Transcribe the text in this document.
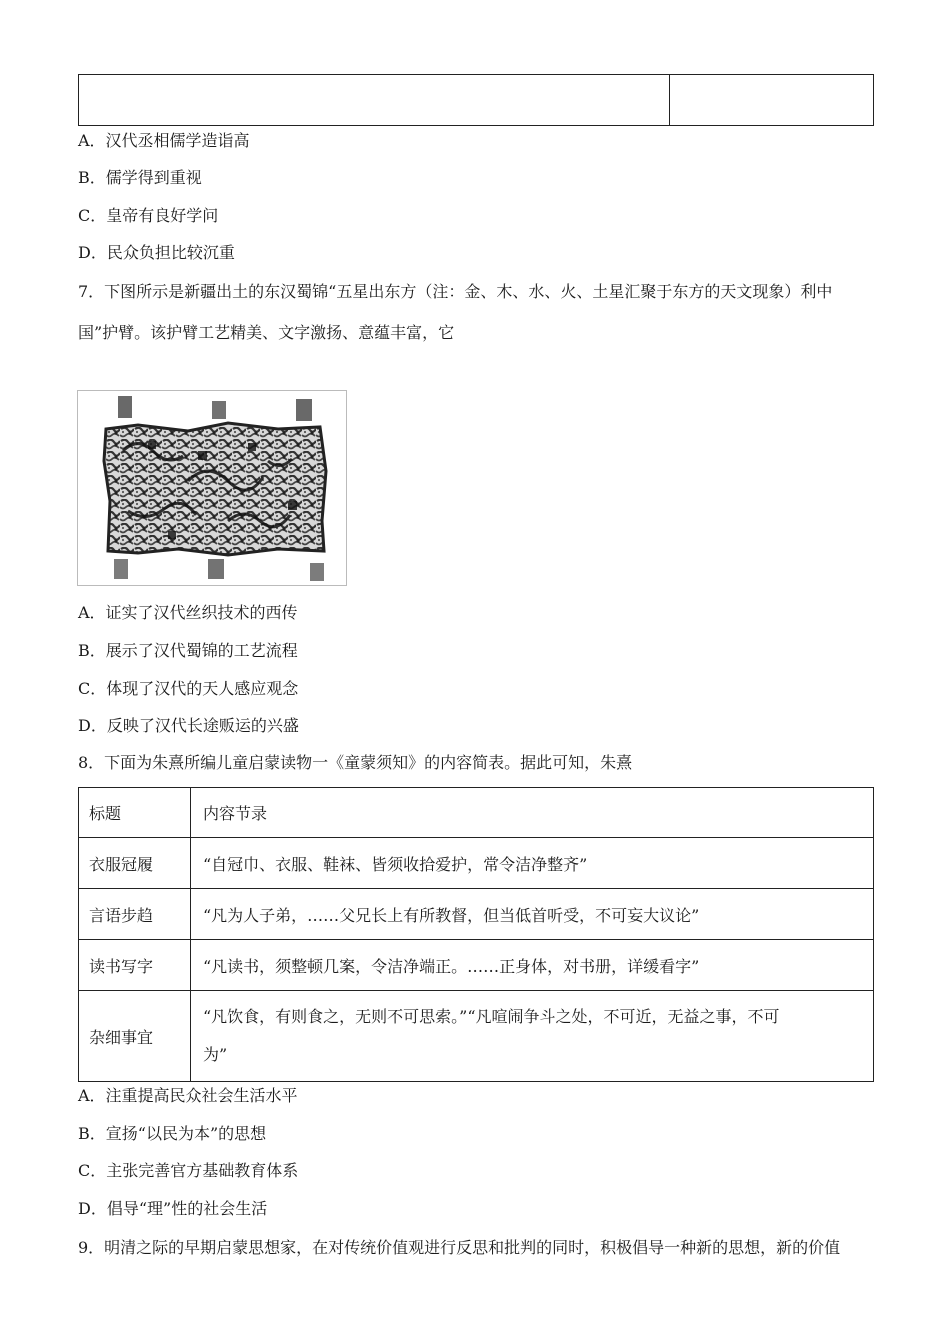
A．汉代丞相儒学造诣高
B．儒学得到重视
C．皇帝有良好学问
D．民众负担比较沉重
7．下图所示是新疆出土的东汉蜀锦“五星出东方（注：金、木、水、火、土星汇聚于东方的天文现象）利中
国”护臂。该护臂工艺精美、文字激扬、意蕴丰富，它
A．证实了汉代丝织技术的西传
B．展示了汉代蜀锦的工艺流程
C．体现了汉代的天人感应观念
D．反映了汉代长途贩运的兴盛
8．下面为朱熹所编儿童启蒙读物一《童蒙须知》的内容简表。据此可知，朱熹
标题	内容节录
衣服冠履	“自冠巾、衣服、鞋袜、皆须收拾爱护，常令洁净整齐”
言语步趋	“凡为人子弟，……父兄长上有所教督，但当低首听受，不可妄大议论”
读书写字	“凡读书，须整顿几案，令洁净端正。……正身体，对书册，详缓看字”
杂细事宜	“凡饮食，有则食之，无则不可思索。”“凡喧闹争斗之处，不可近，无益之事，不可
为”
A．注重提高民众社会生活水平
B．宣扬“以民为本”的思想
C．主张完善官方基础教育体系
D．倡导“理”性的社会生活
9．明清之际的早期启蒙思想家，在对传统价值观进行反思和批判的同时，积极倡导一种新的思想，新的价值
